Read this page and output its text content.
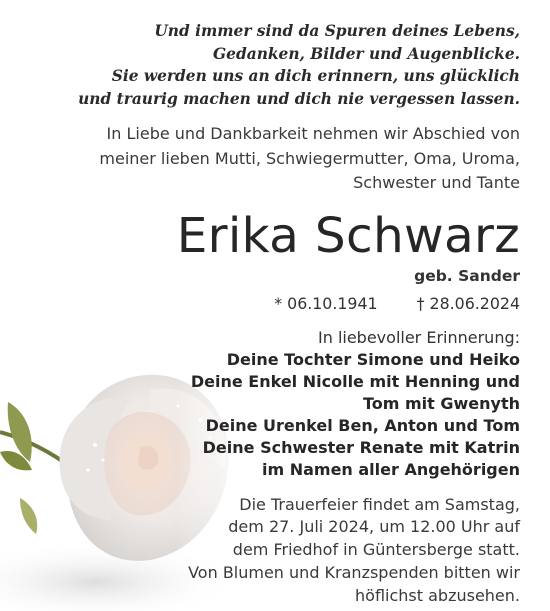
Und immer sind da Spuren deines Lebens,
Gedanken, Bilder und Augenblicke.
Sie werden uns an dich erinnern, uns glücklich
und traurig machen und dich nie vergessen lassen.
In Liebe und Dankbarkeit nehmen wir Abschied von
meiner lieben Mutti, Schwiegermutter, Oma, Uroma,
Schwester und Tante
Erika Schwarz
geb. Sander
* 06.10.1941 † 28.06.2024
In liebevoller Erinnerung:
Deine Tochter Simone und Heiko
Deine Enkel Nicolle mit Henning und
Tom mit Gwenyth
Deine Urenkel Ben, Anton und Tom
Deine Schwester Renate mit Katrin
im Namen aller Angehörigen
Die Trauerfeier findet am Samstag,
dem 27. Juli 2024, um 12.00 Uhr auf
dem Friedhof in Güntersberge statt.
Von Blumen und Kranzspenden bitten wir
höflichst abzusehen.
